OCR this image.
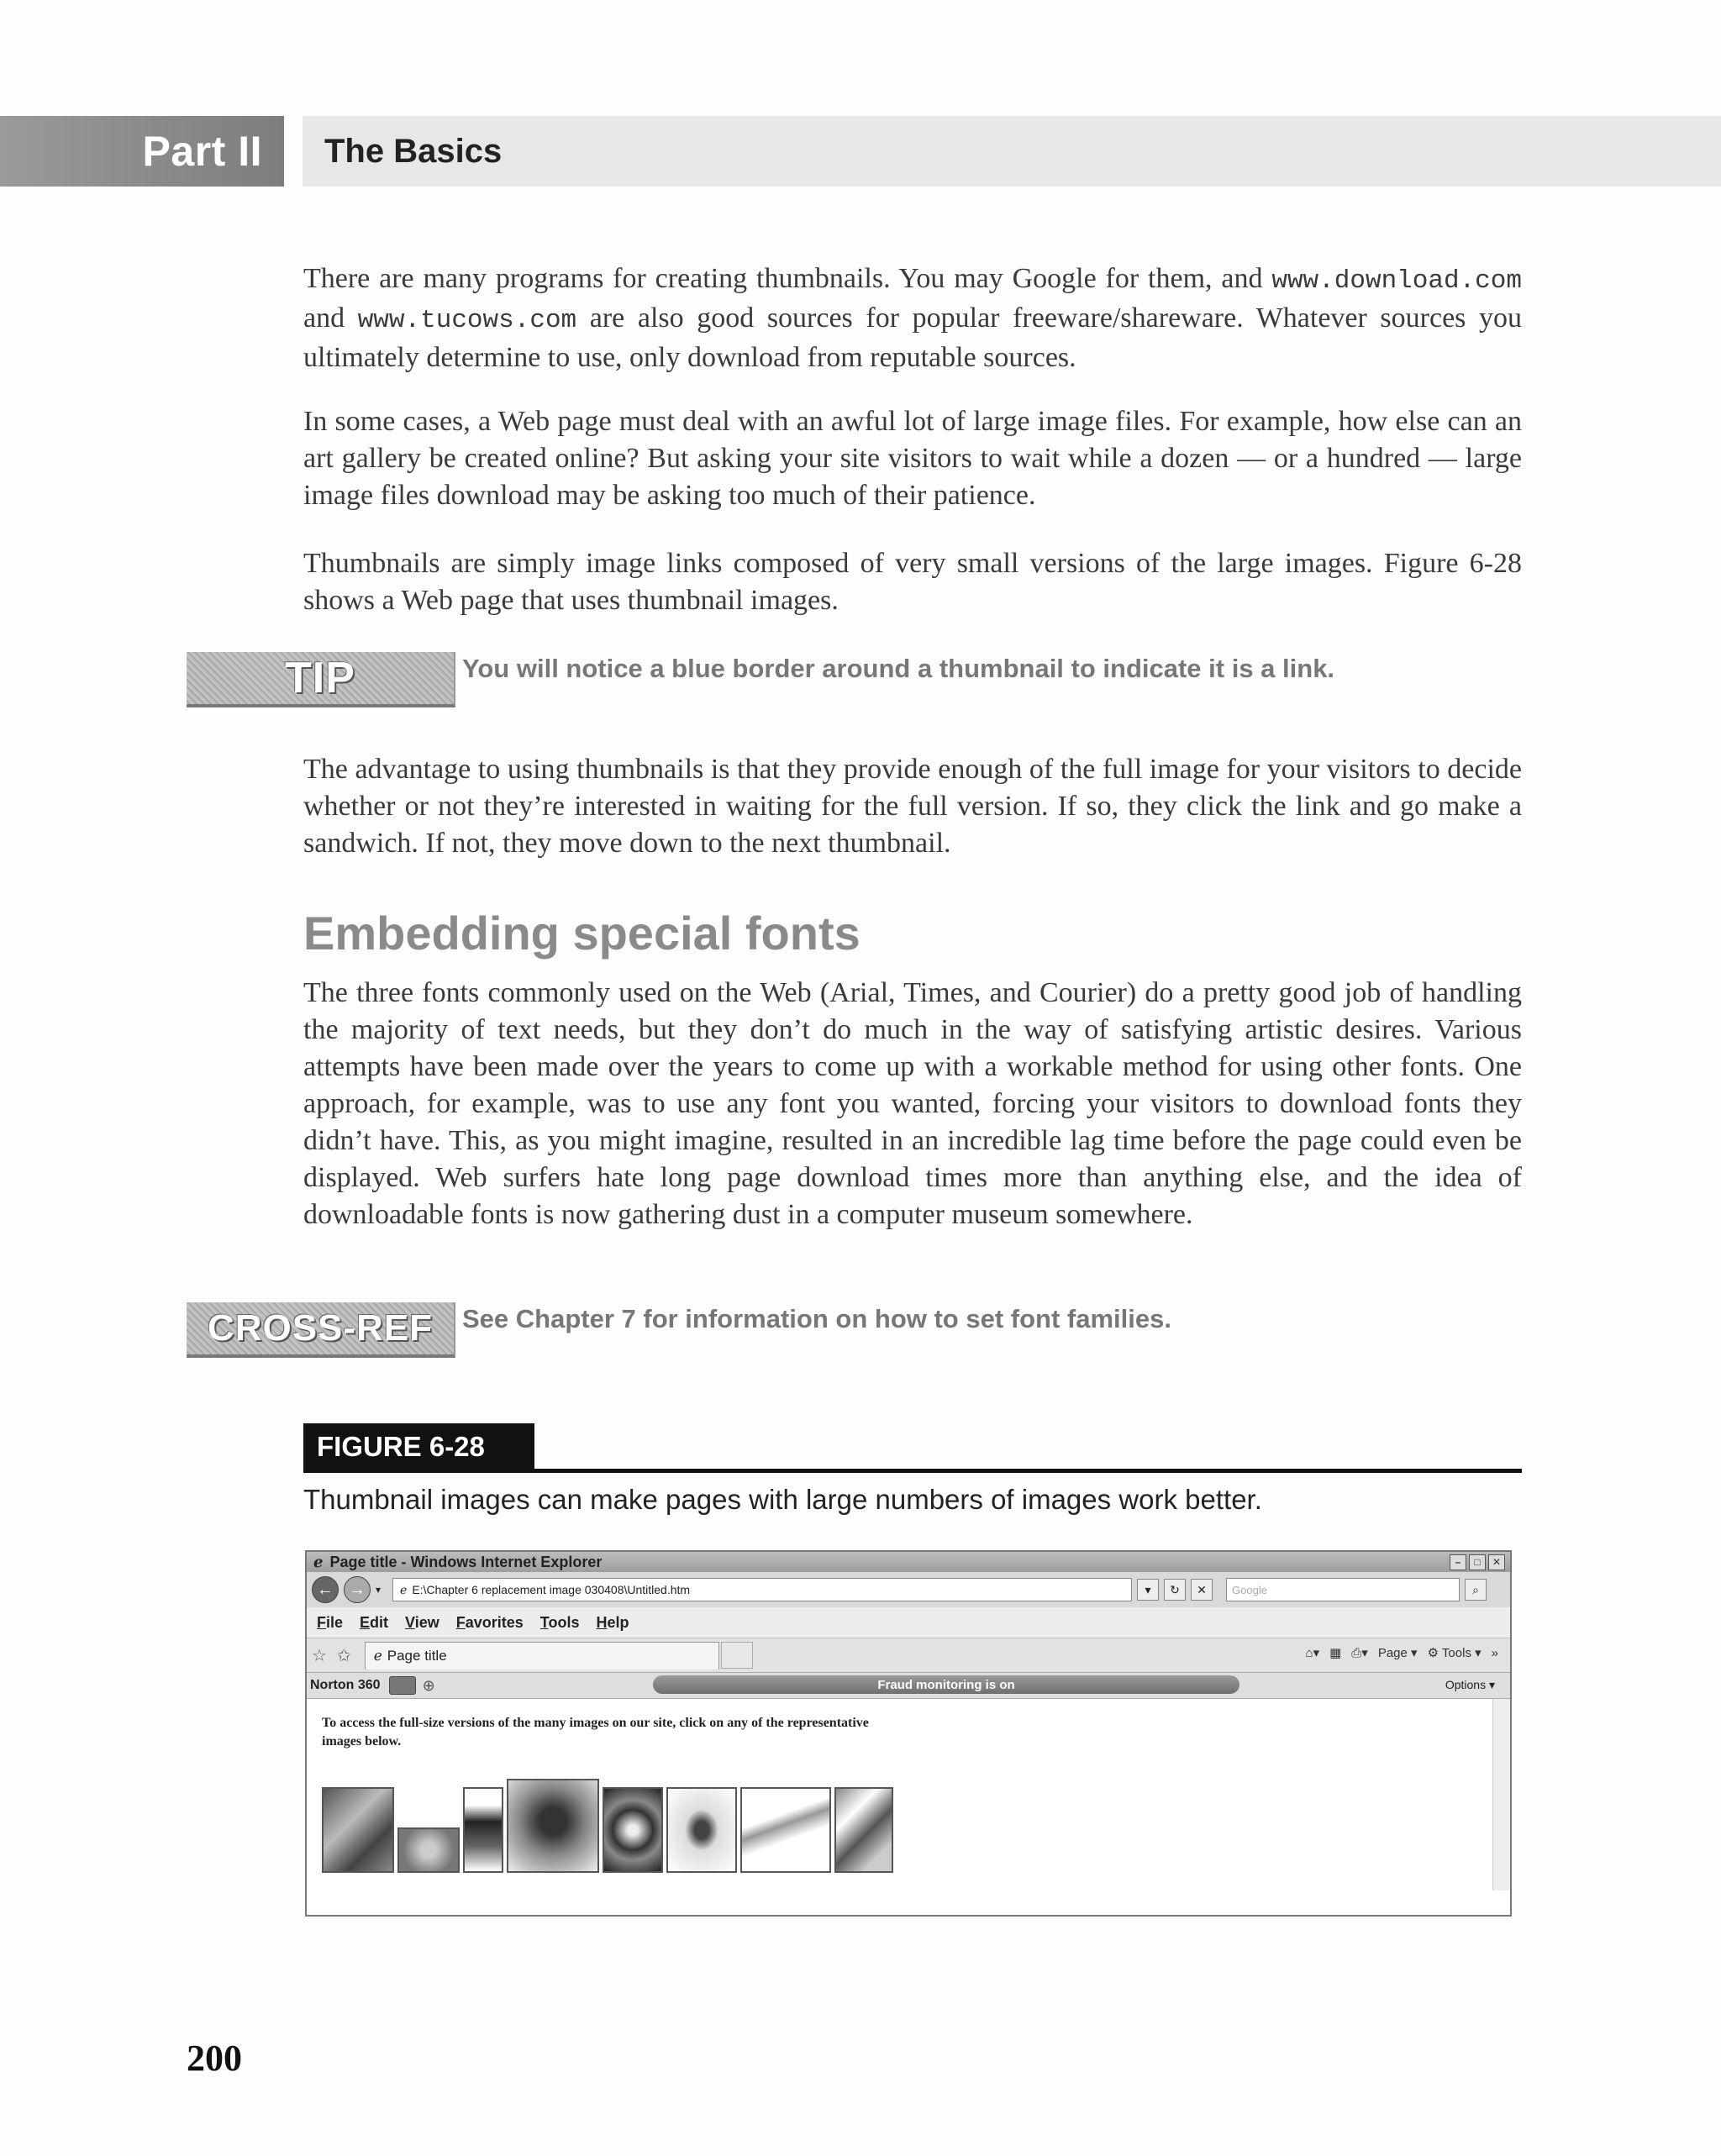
Part II The Basics

There are many programs for creating thumbnails. You may Google for them, and www.download.com and www.tucows.com are also good sources for popular freeware/shareware. Whatever sources you ultimately determine to use, only download from reputable sources.

In some cases, a Web page must deal with an awful lot of large image files. For example, how else can an art gallery be created online? But asking your site visitors to wait while a dozen — or a hundred — large image files download may be asking too much of their patience.

Thumbnails are simply image links composed of very small versions of the large images. Figure 6-28 shows a Web page that uses thumbnail images.

TIP	You will notice a blue border around a thumbnail to indicate it is a link.

The advantage to using thumbnails is that they provide enough of the full image for your visitors to decide whether or not they’re interested in waiting for the full version. If so, they click the link and go make a sandwich. If not, they move down to the next thumbnail.

Embedding special fonts

The three fonts commonly used on the Web (Arial, Times, and Courier) do a pretty good job of handling the majority of text needs, but they don’t do much in the way of satisfying artistic desires. Various attempts have been made over the years to come up with a workable method for using other fonts. One approach, for example, was to use any font you wanted, forcing your visitors to download fonts they didn’t have. This, as you might imagine, resulted in an incredible lag time before the page could even be displayed. Web surfers hate long page download times more than anything else, and the idea of downloadable fonts is now gathering dust in a computer museum somewhere.

CROSS-REF See Chapter 7 for information on how to set font families.
FIGURE 6-28
Thumbnail images can make pages with large numbers of images work better.
ℯ Page title - Windows Internet Explorer	–	□	✕
← →	▾ ℯ E:\Chapter 6 replacement image 030408\Untitled.htm	▾	↻	✕	Google	⌕
File Edit View Favorites Tools Help
☆ ✩ ℯ Page title	⌂▾ ▦ ⎙▾ Page ▾ ⚙ Tools ▾ »
Norton 360	⊕	Fraud monitoring is on	Options ▾
To access the full-size versions of the many images on our site, click on any of the representative images below.
200
